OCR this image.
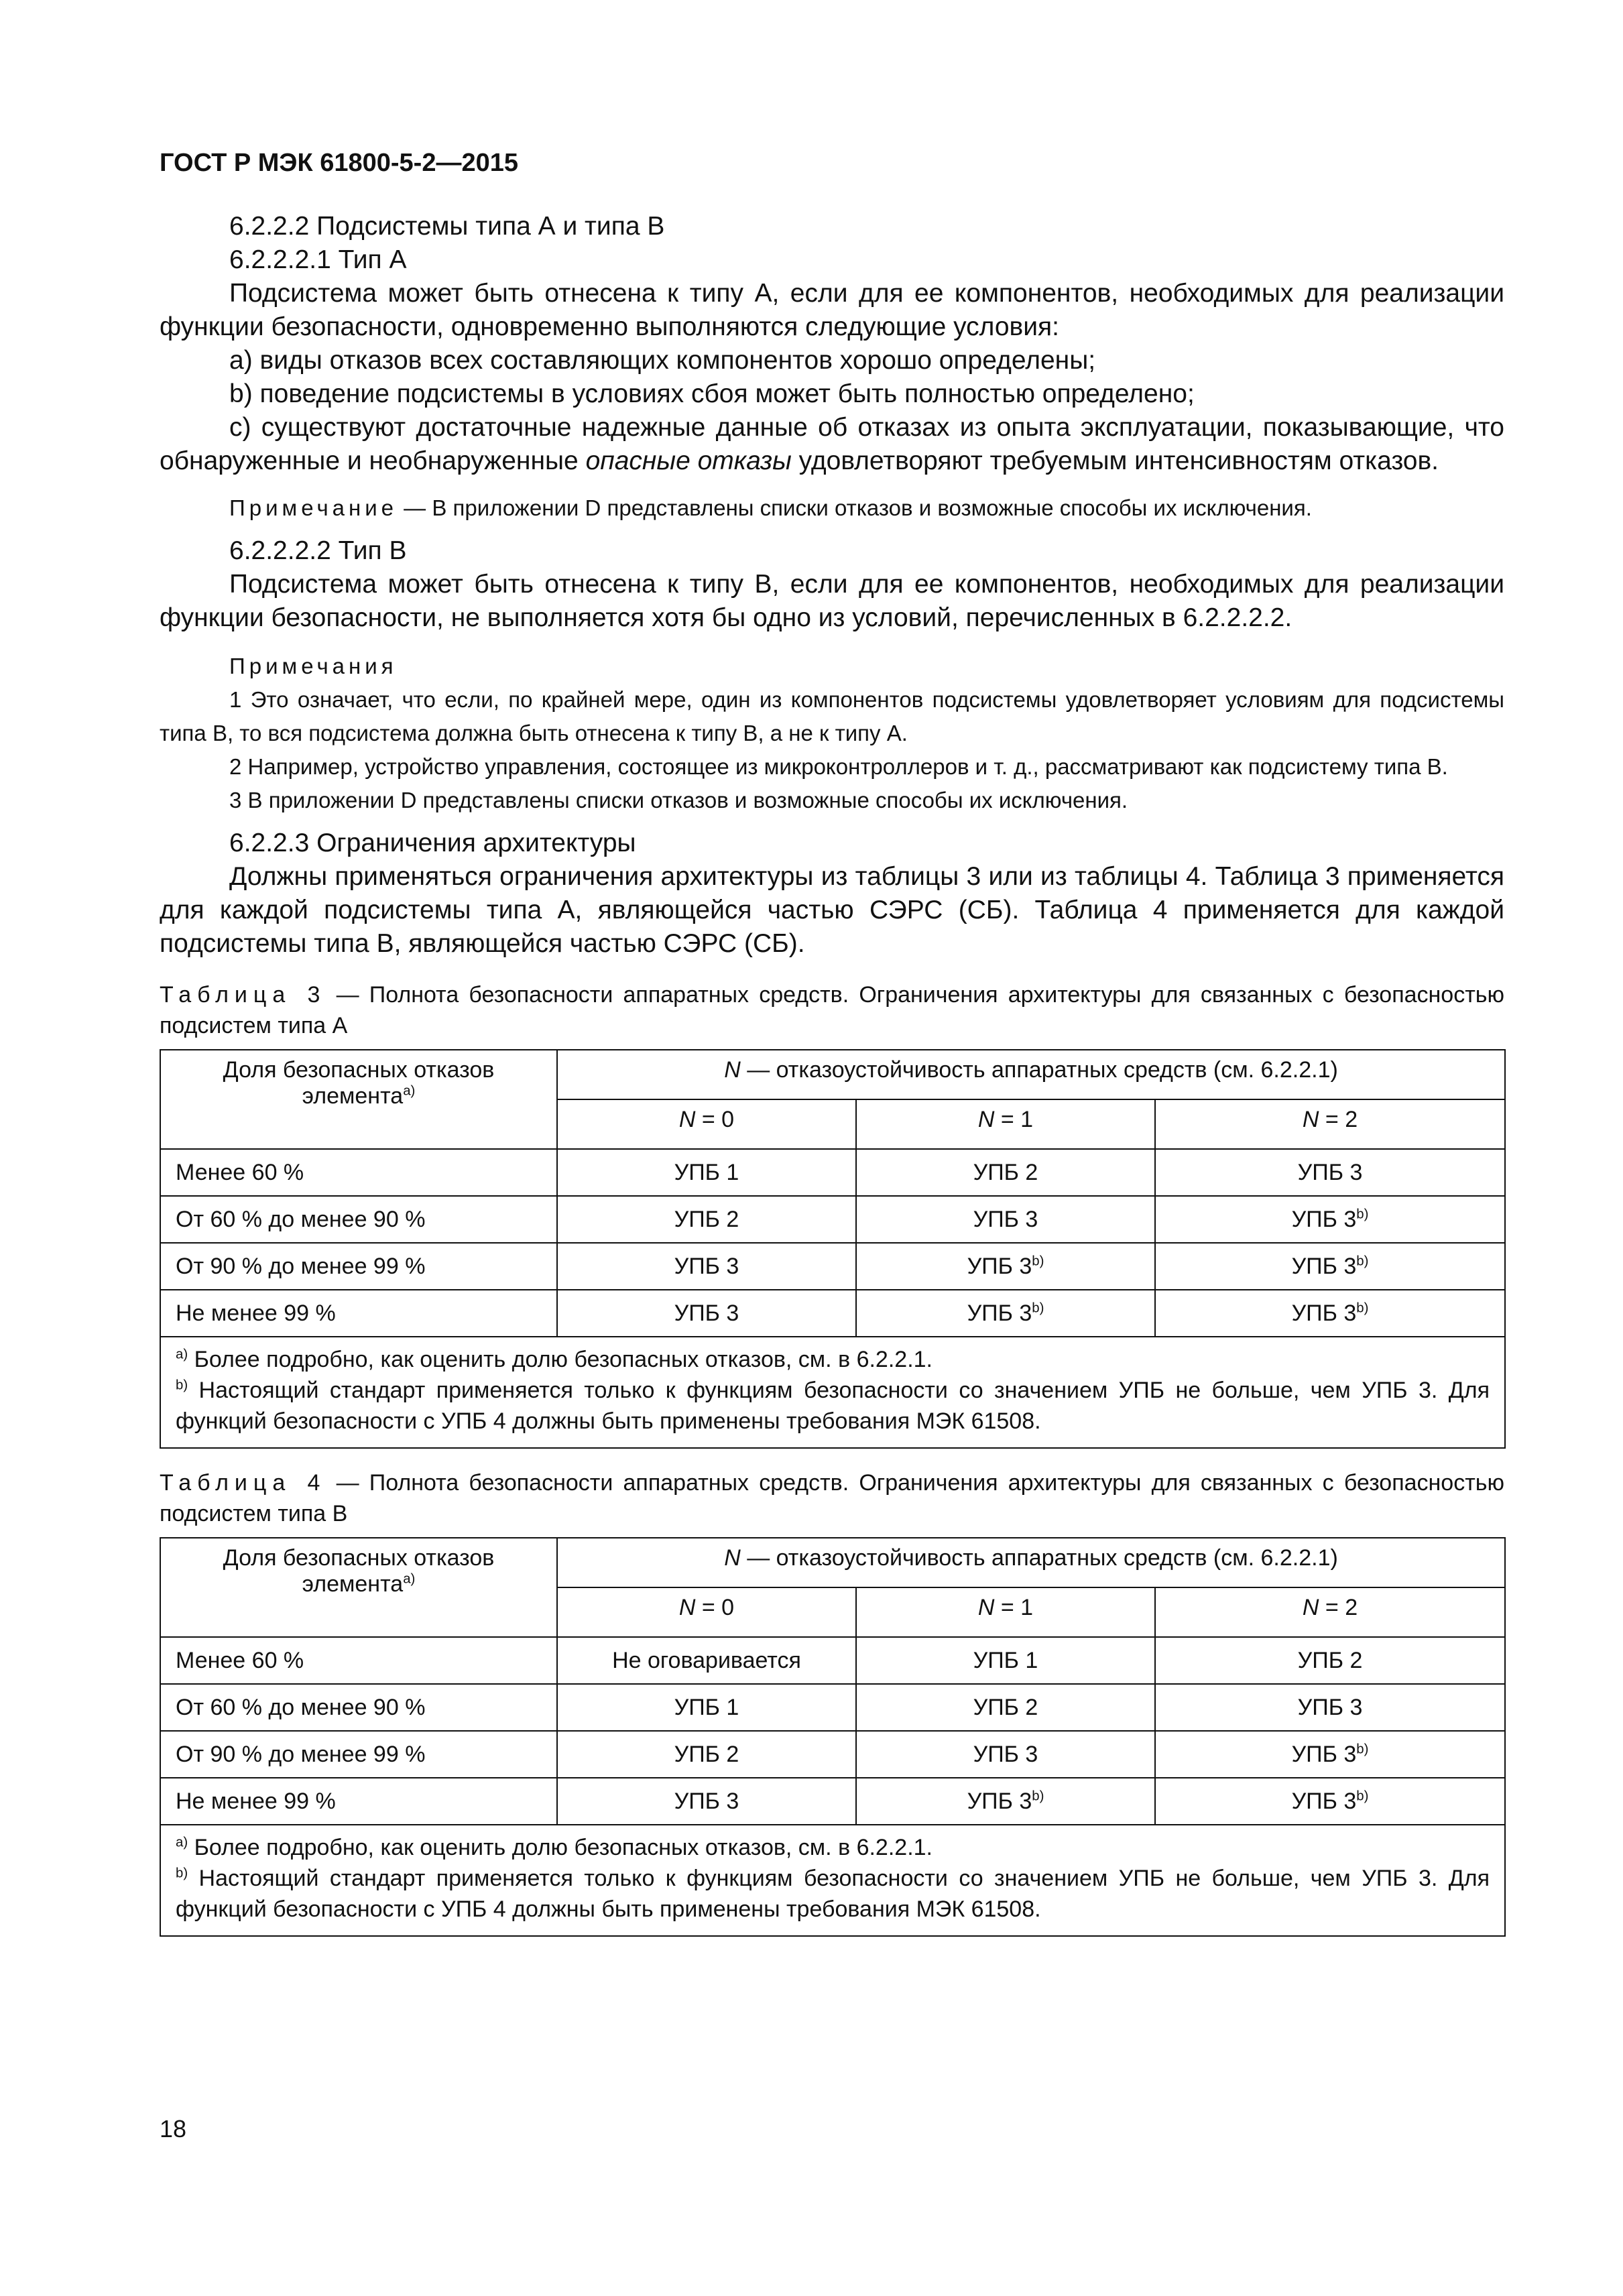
ГОСТ Р МЭК 61800-5-2—2015

6.2.2.2 Подсистемы типа А и типа В

6.2.2.2.1 Тип А

Подсистема может быть отнесена к типу А, если для ее компонентов, необходимых для реализации функции безопасности, одновременно выполняются следующие условия:

a) виды отказов всех составляющих компонентов хорошо определены;

b) поведение подсистемы в условиях сбоя может быть полностью определено;

c) существуют достаточные надежные данные об отказах из опыта эксплуатации, показывающие, что обнаруженные и необнаруженные опасные отказы удовлетворяют требуемым интенсивностям отказов.

Примечание — В приложении D представлены списки отказов и возможные способы их исключения.

6.2.2.2.2 Тип В

Подсистема может быть отнесена к типу В, если для ее компонентов, необходимых для реализации функции безопасности, не выполняется хотя бы одно из условий, перечисленных в 6.2.2.2.2.

Примечания

1 Это означает, что если, по крайней мере, один из компонентов подсистемы удовлетворяет условиям для подсистемы типа В, то вся подсистема должна быть отнесена к типу В, а не к типу А.

2 Например, устройство управления, состоящее из микроконтроллеров и т. д., рассматривают как подсистему типа В.

3 В приложении D представлены списки отказов и возможные способы их исключения.

6.2.2.3 Ограничения архитектуры

Должны применяться ограничения архитектуры из таблицы 3 или из таблицы 4. Таблица 3 применяется для каждой подсистемы типа А, являющейся частью СЭРС (СБ). Таблица 4 применяется для каждой подсистемы типа В, являющейся частью СЭРС (СБ).

Таблица 3 — Полнота безопасности аппаратных средств. Ограничения архитектуры для связанных с безопасностью подсистем типа А

Доля безопасных отказов элемента$^{a)}$	N — отказоустойчивость аппаратных средств (см. 6.2.2.1)		
	N = 0	N = 1	N = 2
Менее 60 %	УПБ 1	УПБ 2	УПБ 3
От 60 % до менее 90 %	УПБ 2	УПБ 3	УПБ 3$^{b)}$
От 90 % до менее 99 %	УПБ 3	УПБ 3$^{b)}$	УПБ 3$^{b)}$
Не менее 99 %	УПБ 3	УПБ 3$^{b)}$	УПБ 3$^{b)}$

$^{a)}$ Более подробно, как оценить долю безопасных отказов, см. в 6.2.2.1.
$^{b)}$ Настоящий стандарт применяется только к функциям безопасности со значением УПБ не больше, чем УПБ 3. Для функций безопасности с УПБ 4 должны быть применены требования МЭК 61508.			

Таблица 4 — Полнота безопасности аппаратных средств. Ограничения архитектуры для связанных с безопасностью подсистем типа В

Доля безопасных отказов элемента$^{a)}$	N — отказоустойчивость аппаратных средств (см. 6.2.2.1)		
	N = 0	N = 1	N = 2
Менее 60 %	Не оговаривается	УПБ 1	УПБ 2
От 60 % до менее 90 %	УПБ 1	УПБ 2	УПБ 3
От 90 % до менее 99 %	УПБ 2	УПБ 3	УПБ 3$^{b)}$
Не менее 99 %	УПБ 3	УПБ 3$^{b)}$	УПБ 3$^{b)}$

$^{a)}$ Более подробно, как оценить долю безопасных отказов, см. в 6.2.2.1.
$^{b)}$ Настоящий стандарт применяется только к функциям безопасности со значением УПБ не больше, чем УПБ 3. Для функций безопасности с УПБ 4 должны быть применены требования МЭК 61508.			
18
